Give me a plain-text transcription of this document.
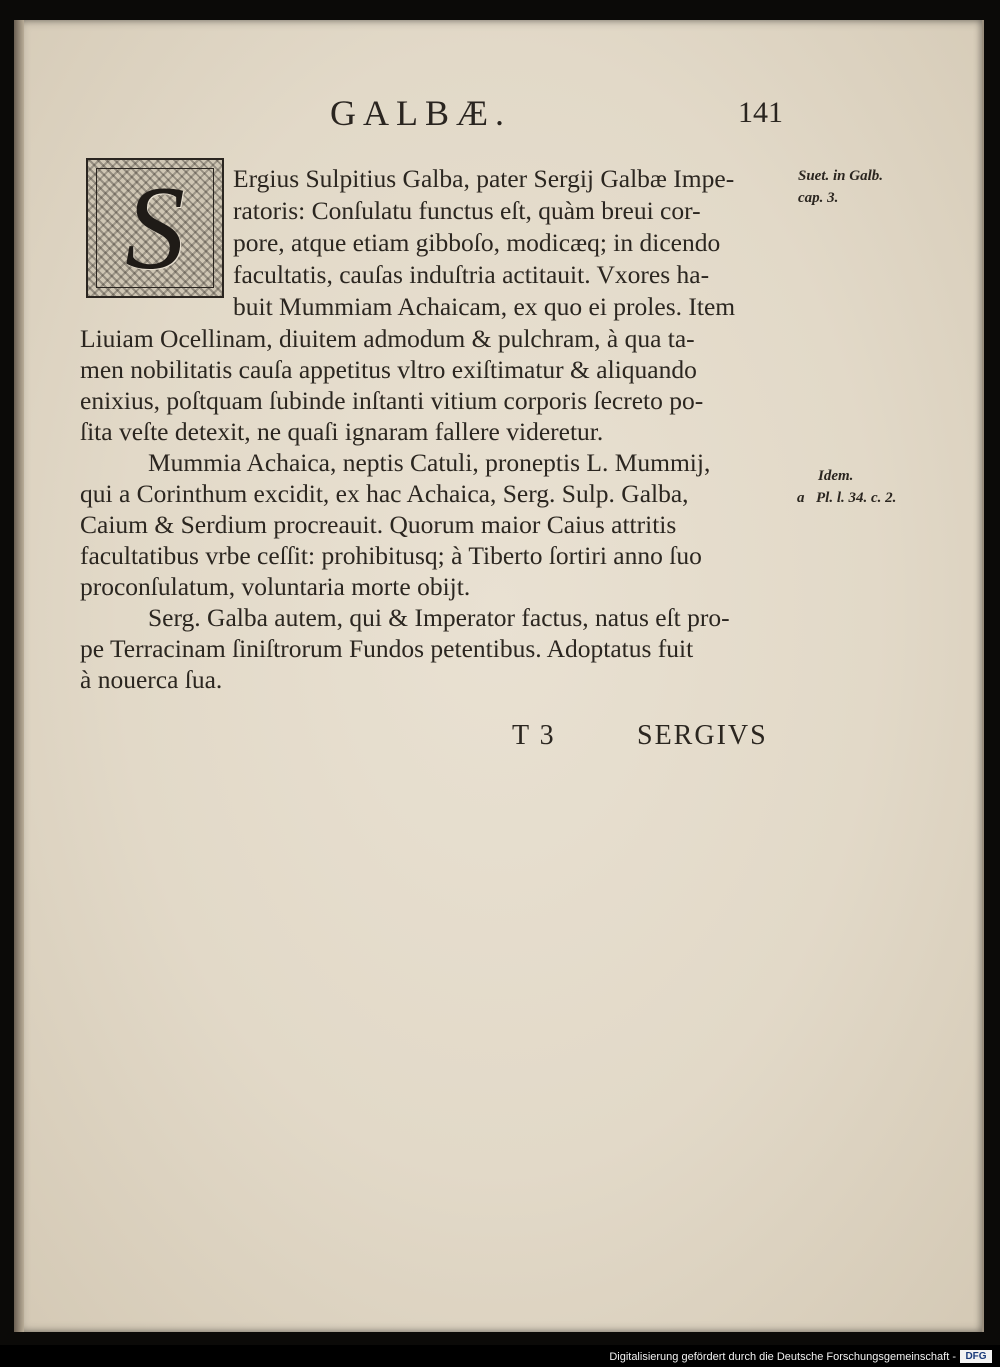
GALBÆ.	141
S Ergius Sulpitius Galba, pater Sergij Galbæ Impe-
ratoris: Conſulatu functus eſt, quàm breui cor-
pore, atque etiam gibboſo, modicæq; in dicendo
facultatis, cauſas induſtria actitauit. Vxores ha-
buit Mummiam Achaicam, ex quo ei proles. Item
Liuiam Ocellinam, diuitem admodum & pulchram, à qua ta-
men nobilitatis cauſa appetitus vltro exiſtimatur & aliquando
enixius, poſtquam ſubinde inſtanti vitium corporis ſecreto po-
ſita veſte detexit, ne quaſi ignaram fallere videretur.
Mummia Achaica, neptis Catuli, proneptis L. Mummij,
qui a Corinthum excidit, ex hac Achaica, Serg. Sulp. Galba,
Caium & Serdium procreauit. Quorum maior Caius attritis
facultatibus vrbe ceſſit: prohibitusq; à Tiberto ſortiri anno ſuo
proconſulatum, voluntaria morte obijt.
Serg. Galba autem, qui & Imperator factus, natus eſt pro-
pe Terracinam ſiniſtrorum Fundos petentibus. Adoptatus fuit
à nouerca ſua.
Suet. in Galb.
cap. 3.
Idem.
a Pl. l. 34. c. 2.
T 3	SERGIVS
Digitalisierung gefördert durch die Deutsche Forschungsgemeinschaft - DFG
